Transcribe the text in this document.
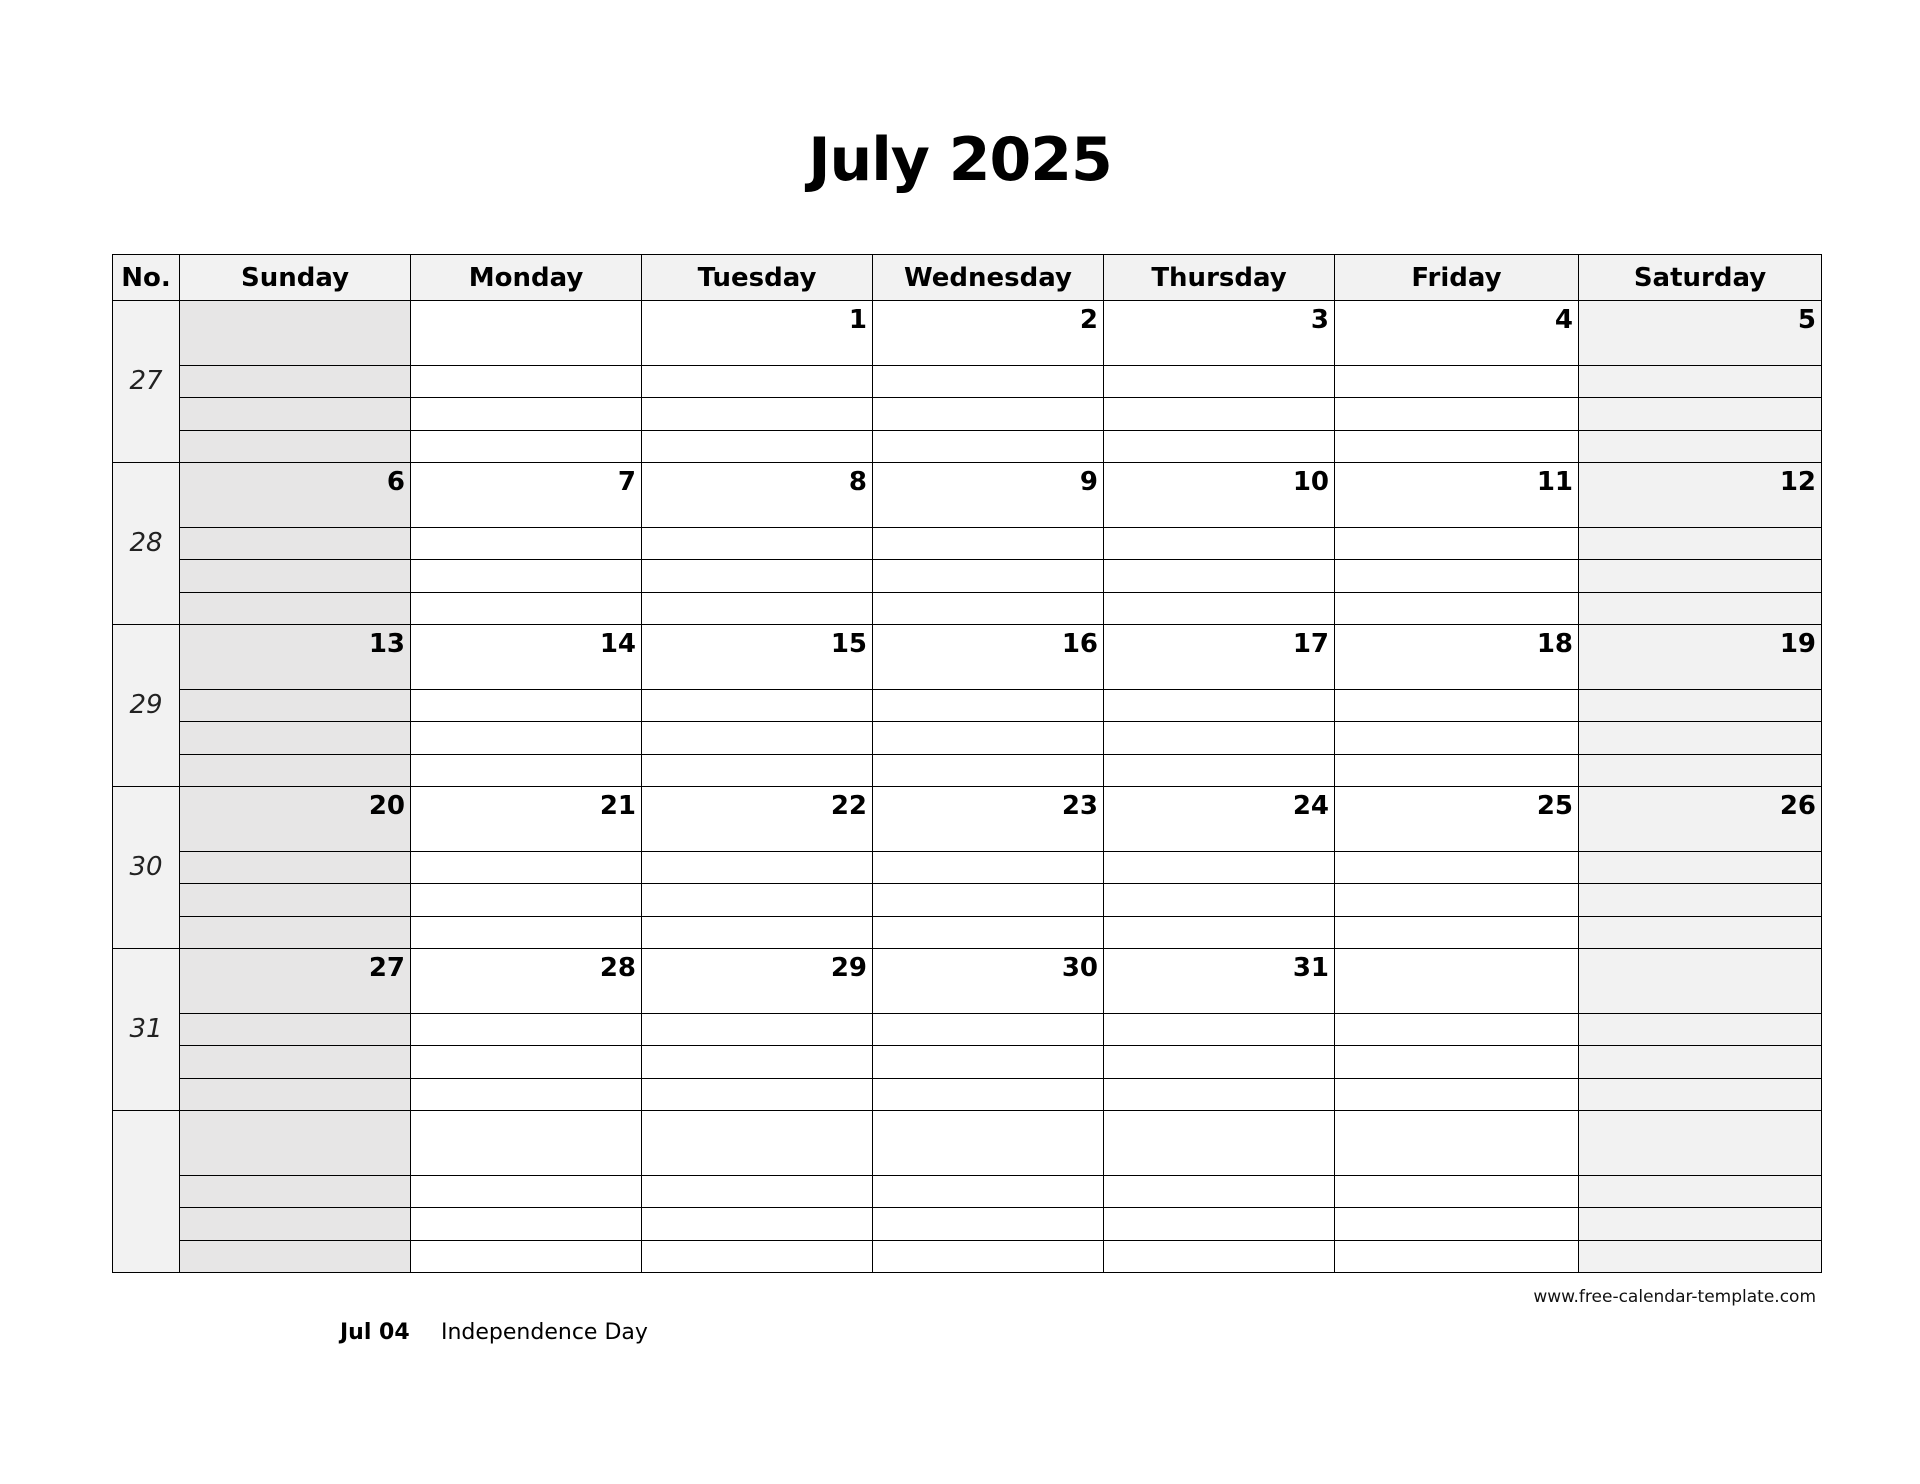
July 2025
No.	Sunday	Monday	Tuesday	Wednesday	Thursday	Friday	Saturday
27			1	2	3	4	5

28	6	7	8	9	10	11	12

29	13	14	15	16	17	18	19

30	20	21	22	23	24	25	26

31	27	28	29	30	31		

www.free-calendar-template.com
Jul 04 Independence Day
